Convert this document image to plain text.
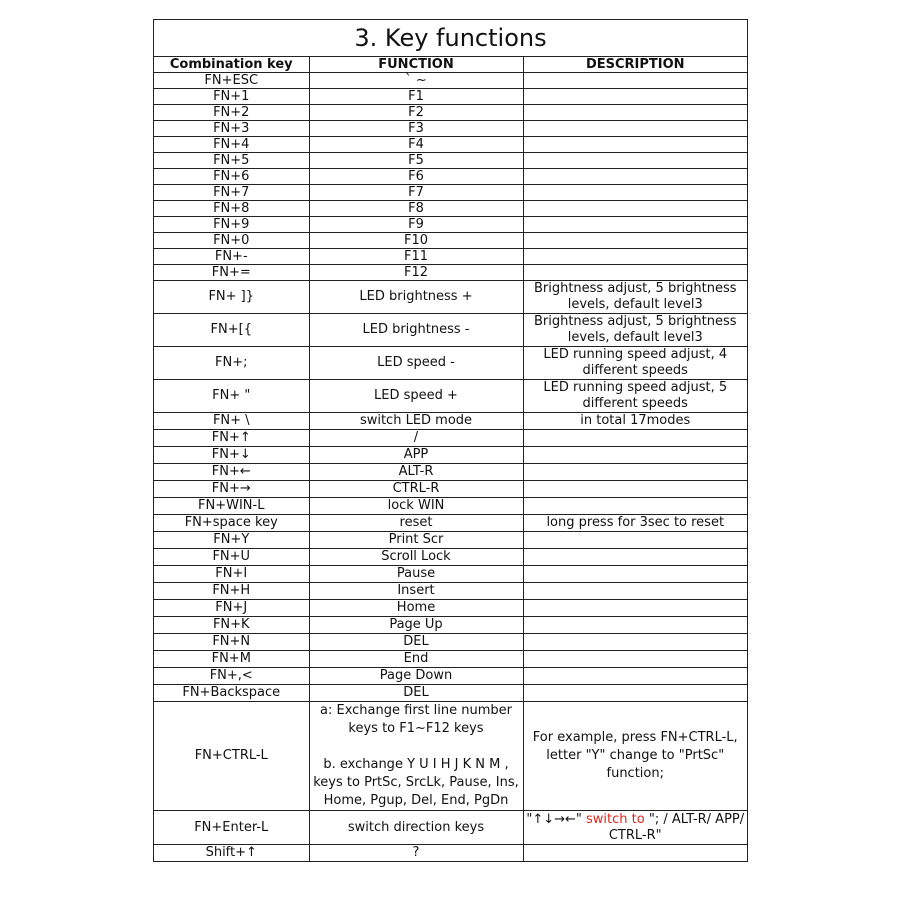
3. Key functions
Combination key	FUNCTION	DESCRIPTION
FN+ESC	` ~	
FN+1	F1	
FN+2	F2	
FN+3	F3	
FN+4	F4	
FN+5	F5	
FN+6	F6	
FN+7	F7	
FN+8	F8	
FN+9	F9	
FN+0	F10	
FN+-	F11	
FN+=	F12	
FN+ ]}	LED brightness +	Brightness adjust, 5 brightness levels, default level3
FN+[{	LED brightness -	Brightness adjust, 5 brightness levels, default level3
FN+;	LED speed -	LED running speed adjust, 4 different speeds
FN+ "	LED speed +	LED running speed adjust, 5 different speeds
FN+ \	switch LED mode	in total 17modes
FN+↑	/	
FN+↓	APP	
FN+←	ALT-R	
FN+→	CTRL-R	
FN+WIN-L	lock WIN	
FN+space key	reset	long press for 3sec to reset
FN+Y	Print Scr	
FN+U	Scroll Lock	
FN+I	Pause	
FN+H	Insert	
FN+J	Home	
FN+K	Page Up	
FN+N	DEL	
FN+M	End	
FN+,<	Page Down	
FN+Backspace	DEL	
FN+CTRL-L	a: Exchange first line number keys to F1~F12 keys

b. exchange Y U I H J K N M , keys to PrtSc, SrcLk, Pause, Ins, Home, Pgup, Del, End, PgDn	For example, press FN+CTRL-L, letter "Y" change to "PrtSc" function;
FN+Enter-L	switch direction keys	"↑↓→←" switch to "; / ALT-R/ APP/ CTRL-R"
Shift+↑	?	
